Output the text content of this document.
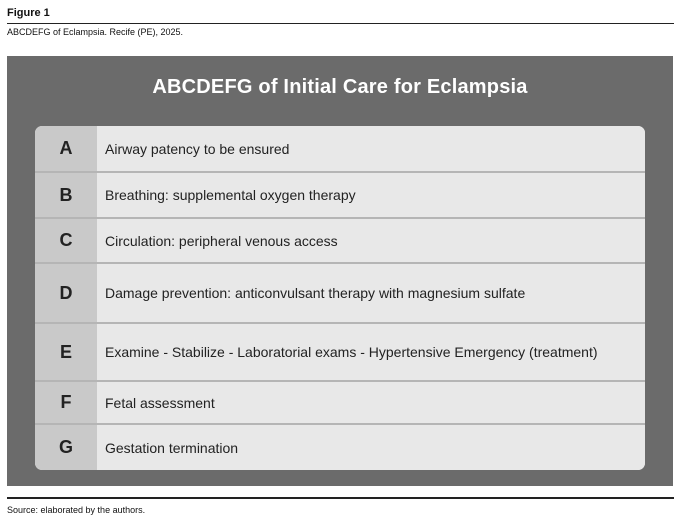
Figure 1
ABCDEFG of Eclampsia. Recife (PE), 2025.
ABCDEFG of Initial Care for Eclampsia
A	Airway patency to be ensured
B	Breathing: supplemental oxygen therapy
C	Circulation: peripheral venous access
D	Damage prevention: anticonvulsant therapy with magnesium sulfate
E	Examine - Stabilize - Laboratorial exams - Hypertensive Emergency (treatment)
F	Fetal assessment
G	Gestation termination
Source: elaborated by the authors.
